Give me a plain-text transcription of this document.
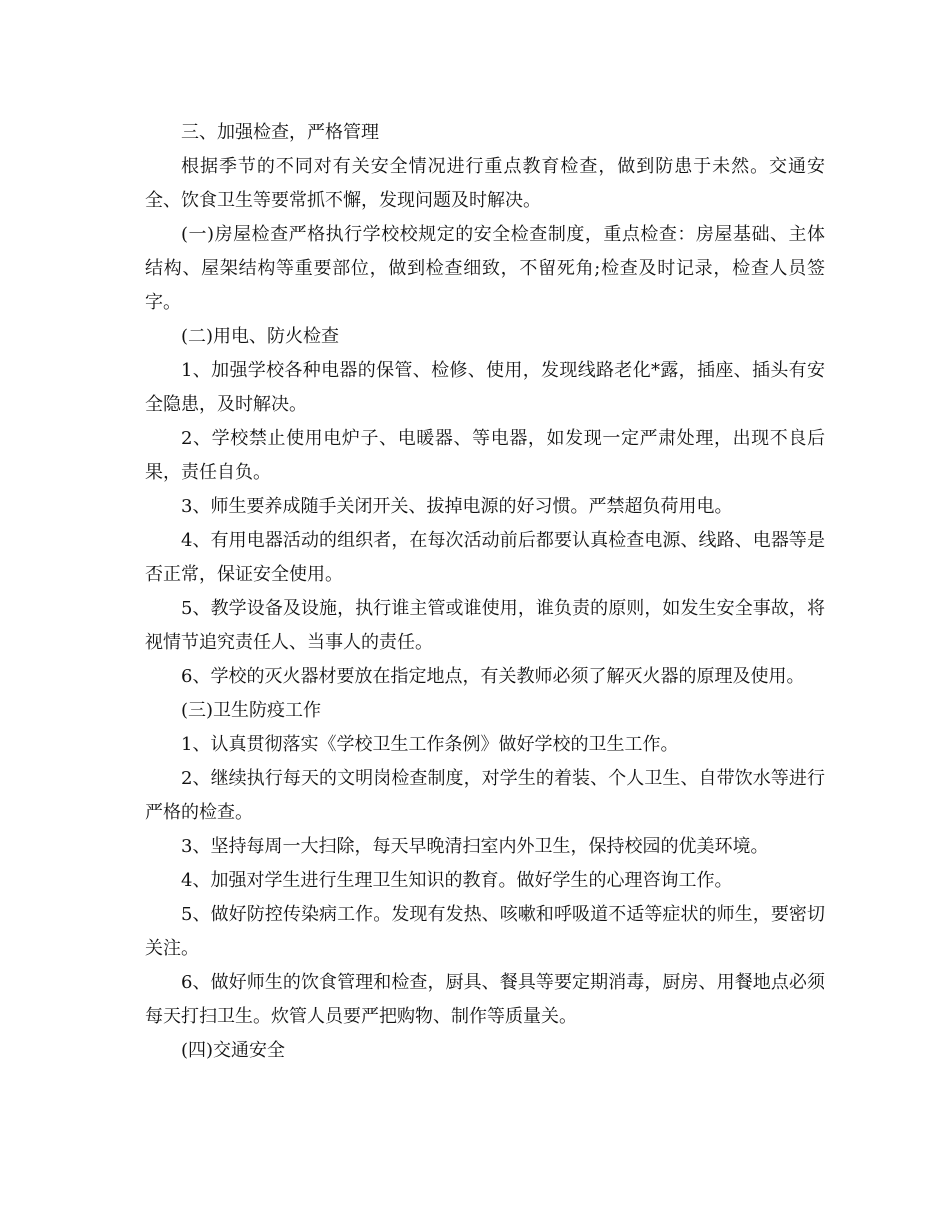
三、加强检查，严格管理

根据季节的不同对有关安全情况进行重点教育检查，做到防患于未然。交通安全、饮食卫生等要常抓不懈，发现问题及时解决。

(一)房屋检查严格执行学校校规定的安全检查制度，重点检查：房屋基础、主体结构、屋架结构等重要部位，做到检查细致，不留死角;检查及时记录，检查人员签字。

(二)用电、防火检查

1、加强学校各种电器的保管、检修、使用，发现线路老化*露，插座、插头有安全隐患，及时解决。

2、学校禁止使用电炉子、电暖器、等电器，如发现一定严肃处理，出现不良后果，责任自负。

3、师生要养成随手关闭开关、拔掉电源的好习惯。严禁超负荷用电。

4、有用电器活动的组织者，在每次活动前后都要认真检查电源、线路、电器等是否正常，保证安全使用。

5、教学设备及设施，执行谁主管或谁使用，谁负责的原则，如发生安全事故，将视情节追究责任人、当事人的责任。

6、学校的灭火器材要放在指定地点，有关教师必须了解灭火器的原理及使用。

(三)卫生防疫工作

1、认真贯彻落实《学校卫生工作条例》做好学校的卫生工作。

2、继续执行每天的文明岗检查制度，对学生的着装、个人卫生、自带饮水等进行严格的检查。

3、坚持每周一大扫除，每天早晚清扫室内外卫生，保持校园的优美环境。

4、加强对学生进行生理卫生知识的教育。做好学生的心理咨询工作。

5、做好防控传染病工作。发现有发热、咳嗽和呼吸道不适等症状的师生，要密切关注。

6、做好师生的饮食管理和检查，厨具、餐具等要定期消毒，厨房、用餐地点必须每天打扫卫生。炊管人员要严把购物、制作等质量关。

(四)交通安全
